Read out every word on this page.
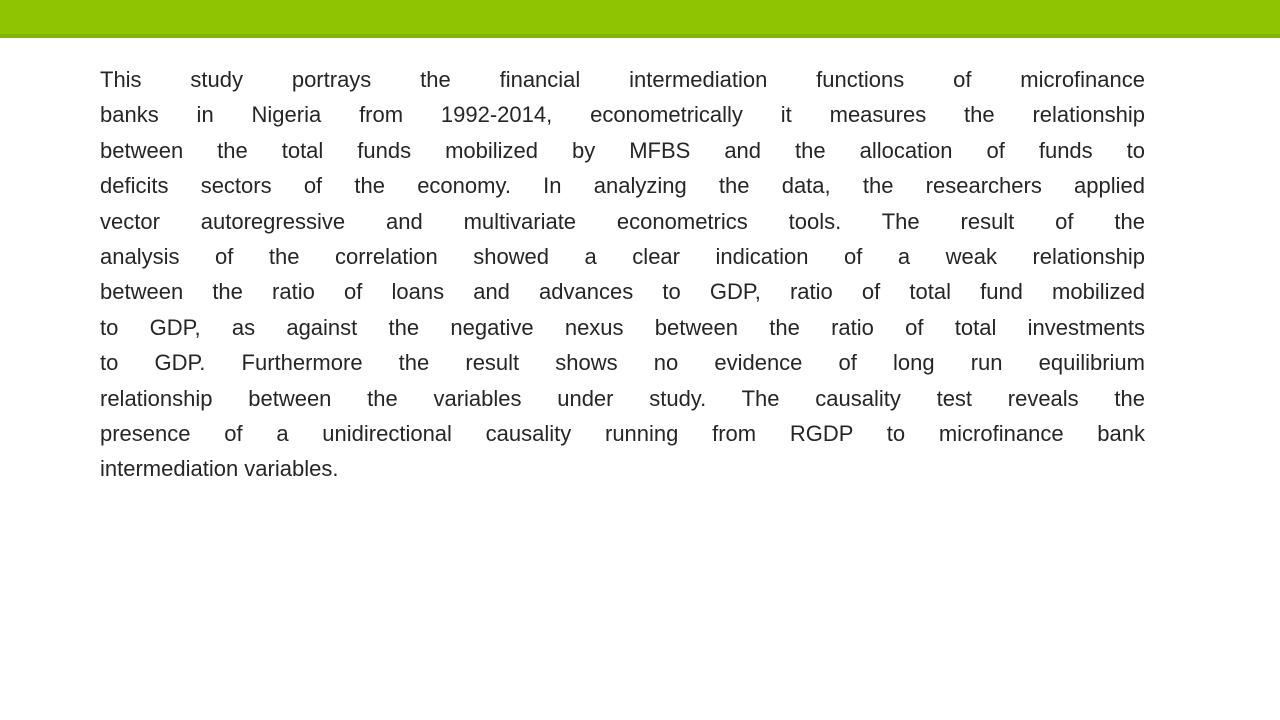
This study portrays the financial intermediation functions of microfinance
banks in Nigeria from 1992-2014, econometrically it measures the relationship
between the total funds mobilized by MFBS and the allocation of funds to
deficits sectors of the economy. In analyzing the data, the researchers applied
vector autoregressive and multivariate econometrics tools. The result of the
analysis of the correlation showed a clear indication of a weak relationship
between the ratio of loans and advances to GDP, ratio of total fund mobilized
to GDP, as against the negative nexus between the ratio of total investments
to GDP. Furthermore the result shows no evidence of long run equilibrium
relationship between the variables under study. The causality test reveals the
presence of a unidirectional causality running from RGDP to microfinance bank
intermediation variables.
